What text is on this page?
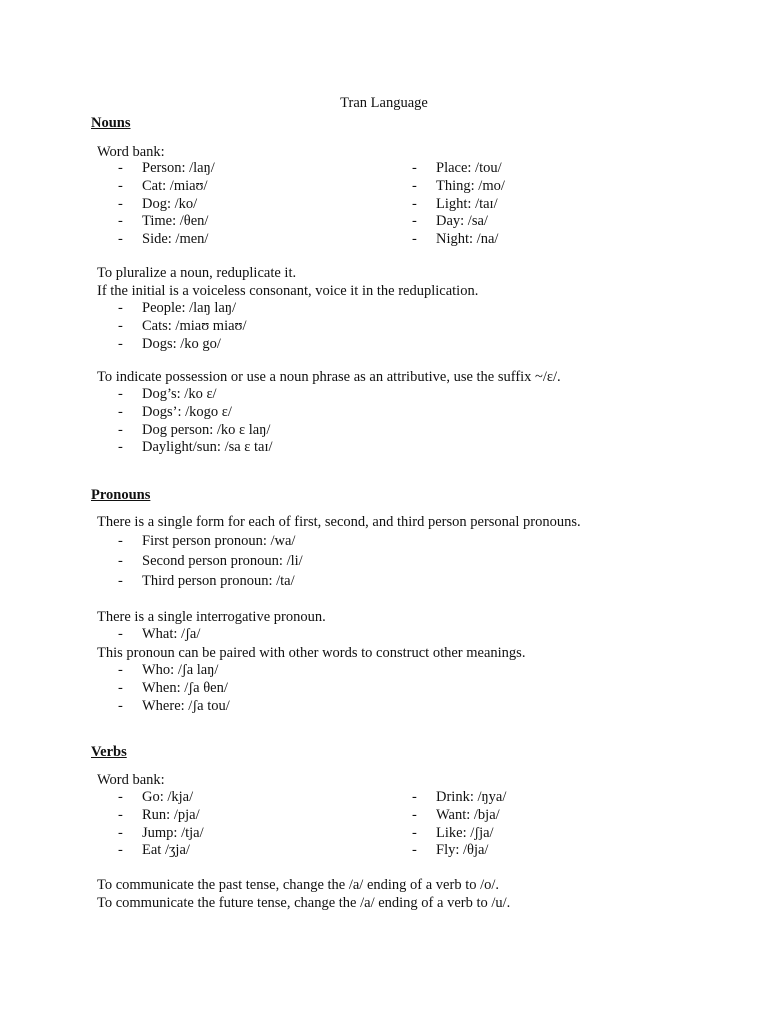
Tran Language
Nouns
Word bank:
- Person: /laŋ/
- Cat: /miaʊ/
- Dog: /ko/
- Time: /θen/
- Side: /men/
- Place: /tou/
- Thing: /mo/
- Light: /taɪ/
- Day: /sa/
- Night: /na/
To pluralize a noun, reduplicate it.
If the initial is a voiceless consonant, voice it in the reduplication.
- People: /laŋ laŋ/
- Cats: /miaʊ miaʊ/
- Dogs: /ko go/
To indicate possession or use a noun phrase as an attributive, use the suffix ~/ɛ/.
- Dog’s: /ko ɛ/
- Dogs’: /kogo ɛ/
- Dog person: /ko ɛ laŋ/
- Daylight/sun: /sa ɛ taɪ/
Pronouns
There is a single form for each of first, second, and third person personal pronouns.
- First person pronoun: /wa/
- Second person pronoun: /li/
- Third person pronoun: /ta/
There is a single interrogative pronoun.
- What: /ʃa/
This pronoun can be paired with other words to construct other meanings.
- Who: /ʃa laŋ/
- When: /ʃa θen/
- Where: /ʃa tou/
Verbs
Word bank:
- Go: /kja/
- Run: /pja/
- Jump: /tja/
- Eat /ʒja/
- Drink: /ŋya/
- Want: /bja/
- Like: /ʃja/
- Fly: /θja/
To communicate the past tense, change the /a/ ending of a verb to /o/.
To communicate the future tense, change the /a/ ending of a verb to /u/.
